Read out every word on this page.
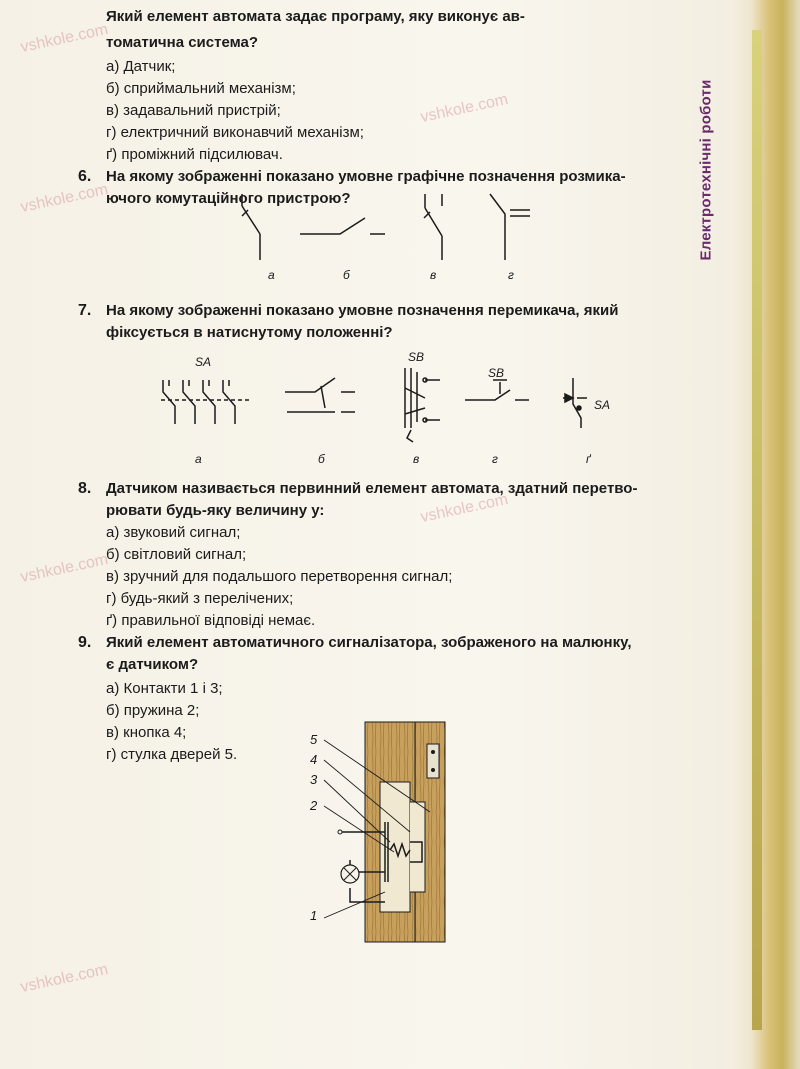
Електротехнічні роботи
vshkole.com
vshkole.com
vshkole.com
vshkole.com
vshkole.com
vshkole.com
Який елемент автомата задає програму, яку виконує ав-
томатична система?
а) Датчик;
б) сприймальний механізм;
в) задавальний пристрій;
г) електричний виконавчий механізм;
ґ) проміжний підсилювач.
6. На якому зображенні показано умовне графічне позначення розмика-
ючого комутаційного пристрою?
а	б	в	г
7. На якому зображенні показано умовне позначення перемикача, який
фіксується в натиснутому положенні?
SA	SB
SB
SA
а	б	в	г	ґ
8. Датчиком називається первинний елемент автомата, здатний перетво-
рювати будь-яку величину у:
а) звуковий сигнал;
б) світловий сигнал;
в) зручний для подальшого перетворення сигнал;
г) будь-який з перелічених;
ґ) правильної відповіді немає.
9. Який елемент автоматичного сигналізатора, зображеного на малюнку,
є датчиком?
а) Контакти 1 і 3;
б) пружина 2;
в) кнопка 4;
г) стулка дверей 5.
5
4
3
2
1
